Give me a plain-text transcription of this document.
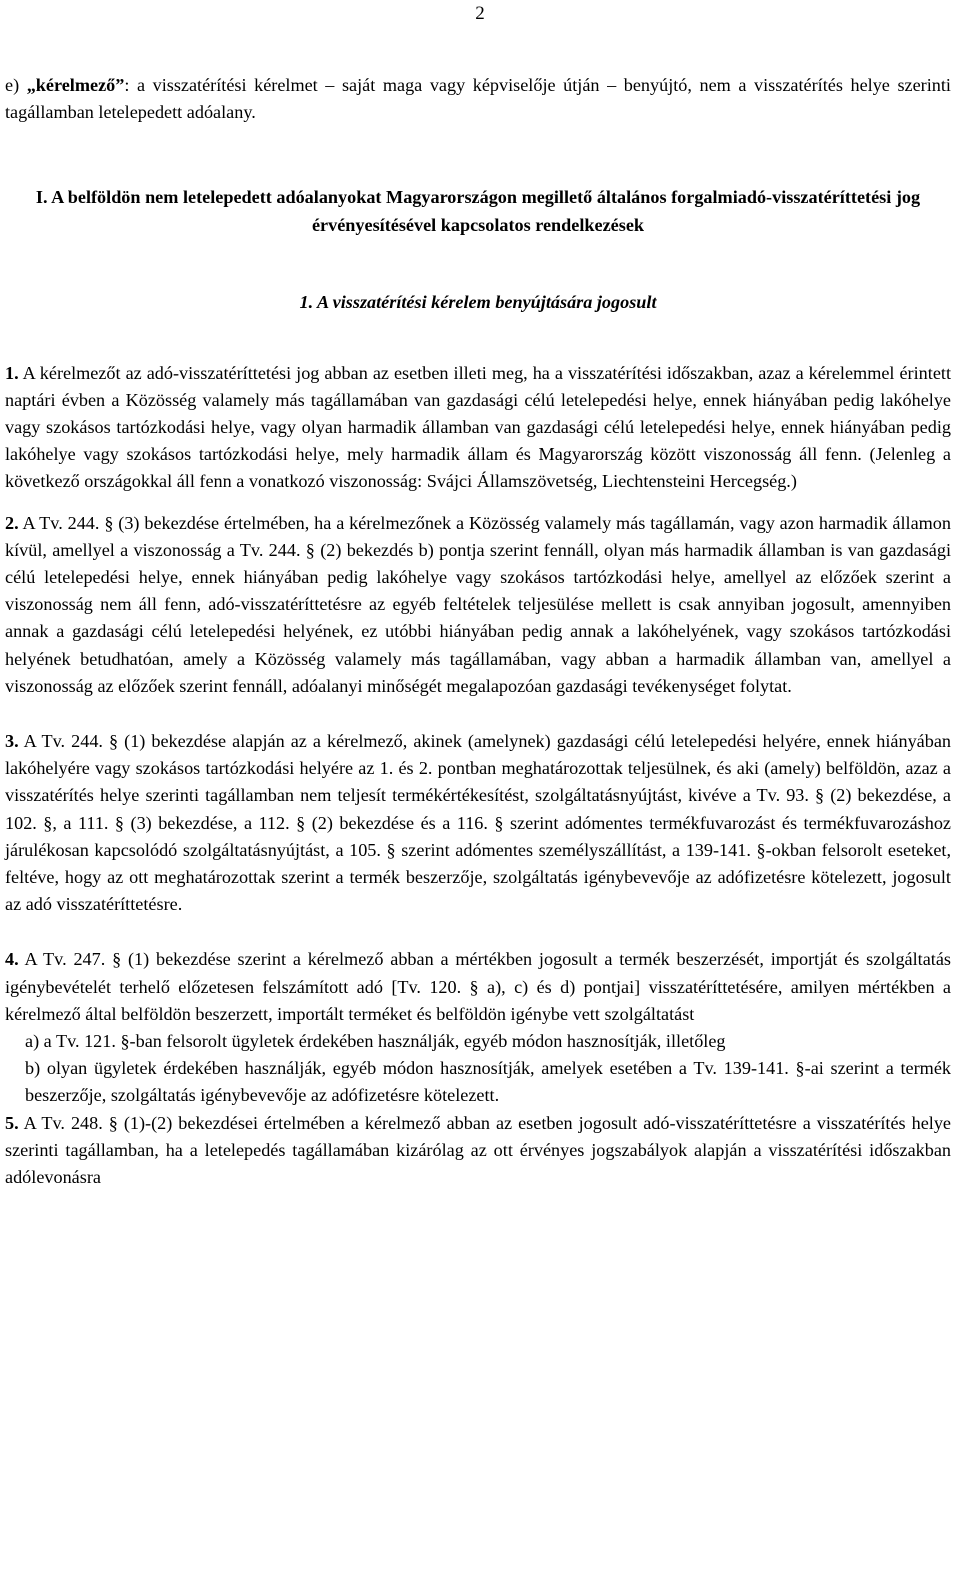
2

e) „kérelmező”: a visszatérítési kérelmet – saját maga vagy képviselője útján – benyújtó, nem a visszatérítés helye szerinti tagállamban letelepedett adóalany.

I. A belföldön nem letelepedett adóalanyokat Magyarországon megillető általános forgalmiadó-visszatéríttetési jog érvényesítésével kapcsolatos rendelkezések

1. A visszatérítési kérelem benyújtására jogosult

1. A kérelmezőt az adó-visszatéríttetési jog abban az esetben illeti meg, ha a visszatérítési időszakban, azaz a kérelemmel érintett naptári évben a Közösség valamely más tagállamában van gazdasági célú letelepedési helye, ennek hiányában pedig lakóhelye vagy szokásos tartózkodási helye, vagy olyan harmadik államban van gazdasági célú letelepedési helye, ennek hiányában pedig lakóhelye vagy szokásos tartózkodási helye, mely harmadik állam és Magyarország között viszonosság áll fenn. (Jelenleg a következő országokkal áll fenn a vonatkozó viszonosság: Svájci Államszövetség, Liechtensteini Hercegség.)

2. A Tv. 244. § (3) bekezdése értelmében, ha a kérelmezőnek a Közösség valamely más tagállamán, vagy azon harmadik államon kívül, amellyel a viszonosság a Tv. 244. § (2) bekezdés b) pontja szerint fennáll, olyan más harmadik államban is van gazdasági célú letelepedési helye, ennek hiányában pedig lakóhelye vagy szokásos tartózkodási helye, amellyel az előzőek szerint a viszonosság nem áll fenn, adó-visszatéríttetésre az egyéb feltételek teljesülése mellett is csak annyiban jogosult, amennyiben annak a gazdasági célú letelepedési helyének, ez utóbbi hiányában pedig annak a lakóhelyének, vagy szokásos tartózkodási helyének betudhatóan, amely a Közösség valamely más tagállamában, vagy abban a harmadik államban van, amellyel a viszonosság az előzőek szerint fennáll, adóalanyi minőségét megalapozóan gazdasági tevékenységet folytat.

3. A Tv. 244. § (1) bekezdése alapján az a kérelmező, akinek (amelynek) gazdasági célú letelepedési helyére, ennek hiányában lakóhelyére vagy szokásos tartózkodási helyére az 1. és 2. pontban meghatározottak teljesülnek, és aki (amely) belföldön, azaz a visszatérítés helye szerinti tagállamban nem teljesít termékértékesítést, szolgáltatásnyújtást, kivéve a Tv. 93. § (2) bekezdése, a 102. §, a 111. § (3) bekezdése, a 112. § (2) bekezdése és a 116. § szerint adómentes termékfuvarozást és termékfuvarozáshoz járulékosan kapcsolódó szolgáltatásnyújtást, a 105. § szerint adómentes személyszállítást, a 139-141. §-okban felsorolt eseteket, feltéve, hogy az ott meghatározottak szerint a termék beszerzője, szolgáltatás igénybevevője az adófizetésre kötelezett, jogosult az adó visszatéríttetésre.

4. A Tv. 247. § (1) bekezdése szerint a kérelmező abban a mértékben jogosult a termék beszerzését, importját és szolgáltatás igénybevételét terhelő előzetesen felszámított adó [Tv. 120. § a), c) és d) pontjai] visszatéríttetésére, amilyen mértékben a kérelmező által belföldön beszerzett, importált terméket és belföldön igénybe vett szolgáltatást

a) a Tv. 121. §-ban felsorolt ügyletek érdekében használják, egyéb módon hasznosítják, illetőleg

b) olyan ügyletek érdekében használják, egyéb módon hasznosítják, amelyek esetében a Tv. 139-141. §-ai szerint a termék beszerzője, szolgáltatás igénybevevője az adófizetésre kötelezett.

5. A Tv. 248. § (1)-(2) bekezdései értelmében a kérelmező abban az esetben jogosult adó-visszatéríttetésre a visszatérítés helye szerinti tagállamban, ha a letelepedés tagállamában kizárólag az ott érvényes jogszabályok alapján a visszatérítési időszakban adólevonásra
